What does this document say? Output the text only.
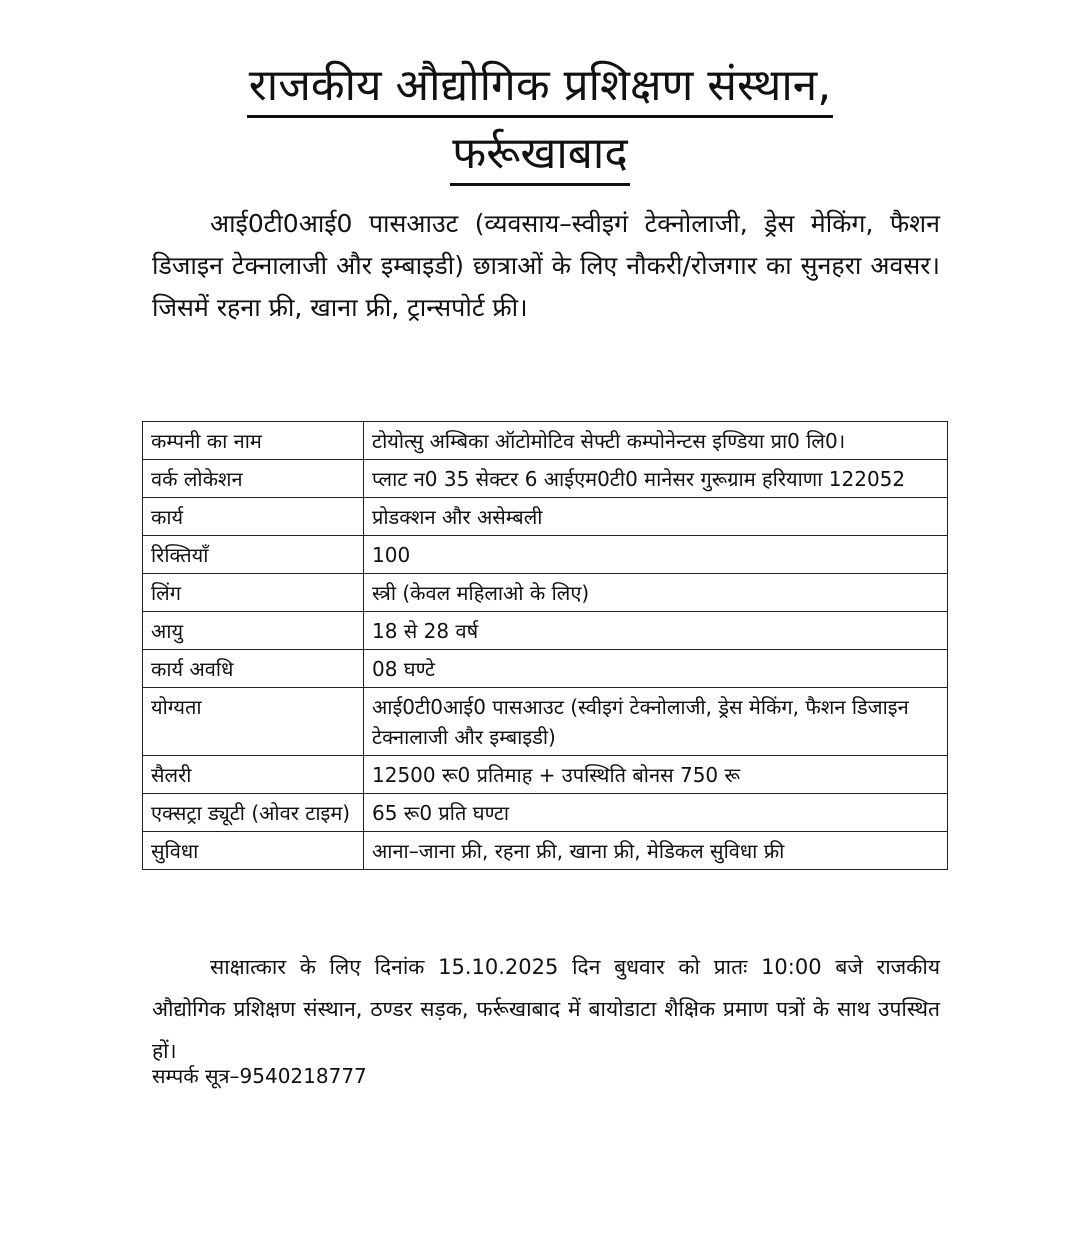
राजकीय औद्योगिक प्रशिक्षण संस्थान,
फर्रूखाबाद
आई0टी0आई0 पासआउट (व्यवसाय–स्वीइगं टेक्नोलाजी, ड्रेस मेकिंग, फैशन डिजाइन टेक्नालाजी और इम्बाइडी) छात्राओं के लिए नौकरी/रोजगार का सुनहरा अवसर। जिसमें रहना फ्री, खाना फ्री, ट्रान्सपोर्ट फ्री।
कम्पनी का नाम	टोयोत्सु अम्बिका ऑटोमोटिव सेफ्टी कम्पोनेन्टस इण्डिया प्रा0 लि0।
वर्क लोकेशन	प्लाट न0 35 सेक्टर 6 आईएम0टी0 मानेसर गुरूग्राम हरियाणा 122052
कार्य	प्रोडक्शन और असेम्बली
रिक्तियाँ	100
लिंग	स्त्री (केवल महिलाओ के लिए)
आयु	18 से 28 वर्ष
कार्य अवधि	08 घण्टे
योग्यता	आई0टी0आई0 पासआउट (स्वीइगं टेक्नोलाजी, ड्रेस मेकिंग, फैशन डिजाइन टेक्नालाजी और इम्बाइडी)
सैलरी	12500 रू0 प्रतिमाह + उपस्थिति बोनस 750 रू
एक्सट्रा ड्यूटी (ओवर टाइम)	65 रू0 प्रति घण्टा
सुविधा	आना–जाना फ्री, रहना फ्री, खाना फ्री, मेडिकल सुविधा फ्री
साक्षात्कार के लिए दिनांक 15.10.2025 दिन बुधवार को प्रातः 10:00 बजे राजकीय औद्योगिक प्रशिक्षण संस्थान, ठण्डर सड़क, फर्रूखाबाद में बायोडाटा शैक्षिक प्रमाण पत्रों के साथ उपस्थित हों।
सम्पर्क सूत्र–9540218777
